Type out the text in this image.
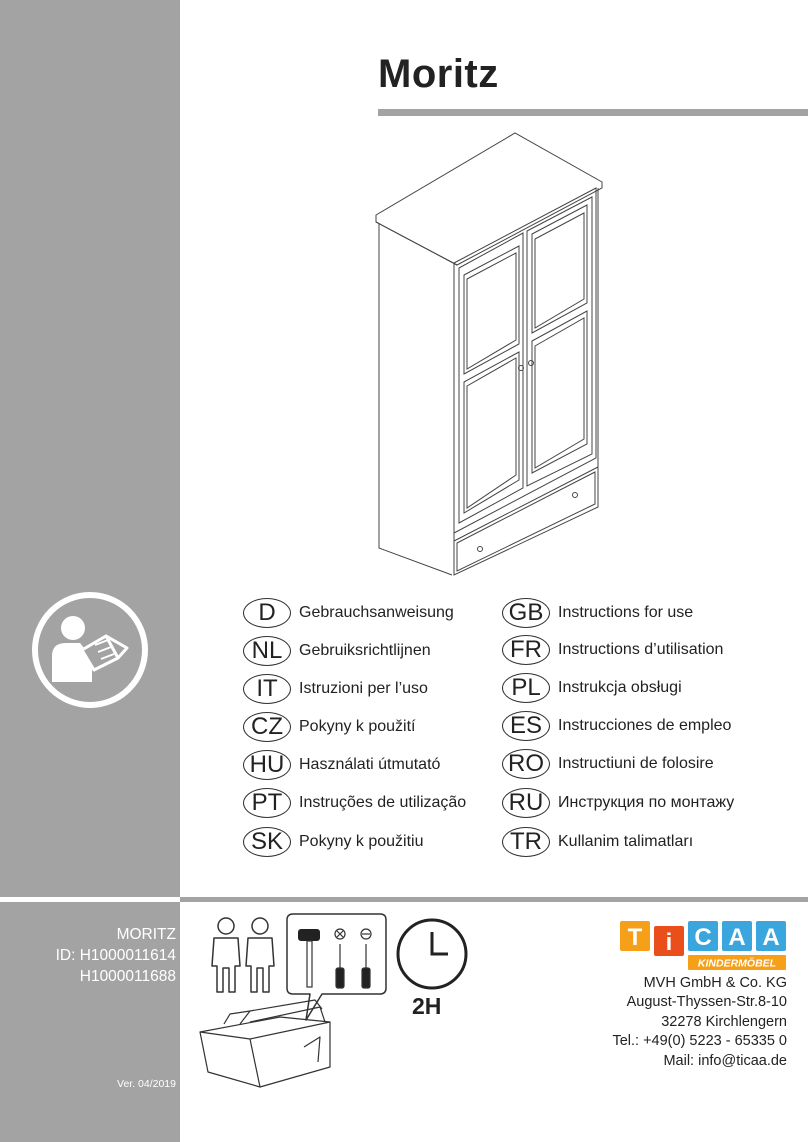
Moritz
D	Gebrauchsanweisung
NL	Gebruiksrichtlijnen
IT	Istruzioni per l’uso
CZ	Pokyny k použití
HU Használati útmutató
PT	Instruções de utilização
SK	Pokyny k použitiu
GB Instructions for use
FR	Instructions d’utilisation
PL	Instrukcja obsługi
ES	Instrucciones de empleo
RO Instructiuni de folosire
RU Инструкция по монтажу
TR	Kullanim talimatları
MORITZ
ID: H1000011614
H1000011688
Ver. 04/2019
2H
T i C A A
KINDERMÖBEL
MVH GmbH & Co. KG
August-Thyssen-Str.8-10
32278 Kirchlengern
Tel.: +49(0) 5223 - 65335 0
Mail: info@ticaa.de
